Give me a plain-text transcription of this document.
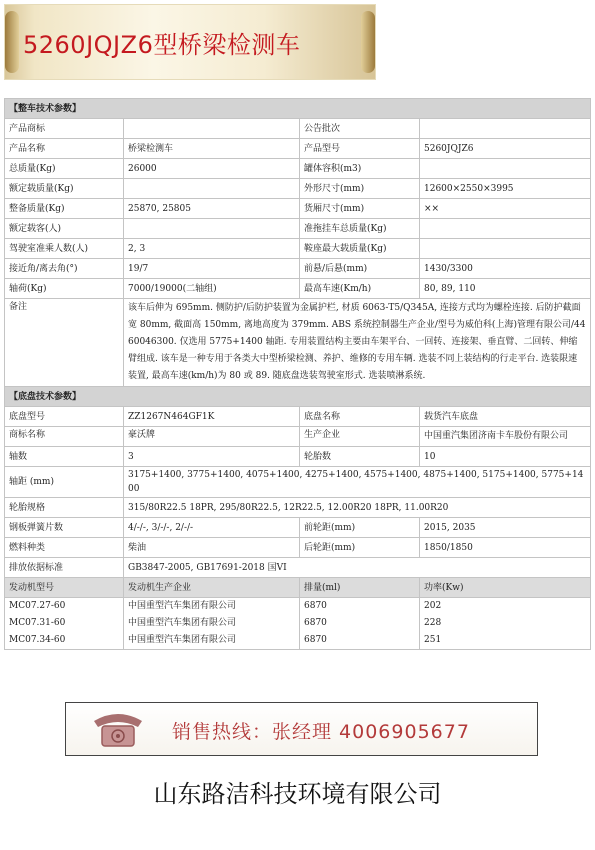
5260JQJZ6型桥梁检测车
【整车技术参数】			
产品商标		公告批次	
产品名称	桥梁检测车	产品型号	5260JQJZ6
总质量(Kg)	26000	罐体容积(m3)	
额定载质量(Kg)		外形尺寸(mm)	12600×2550×3995
整备质量(Kg)	25870, 25805	货厢尺寸(mm)	××
额定载客(人)		准拖挂车总质量(Kg)	
驾驶室准乘人数(人)	2, 3	鞍座最大载质量(Kg)	
接近角/离去角(°)	19/7	前悬/后悬(mm)	1430/3300
轴荷(Kg)	7000/19000(二轴组)	最高车速(Km/h)	80, 89, 110
备注	该车后伸为 695mm. 侧防护/后防护装置为金属护栏, 材质 6063-T5/Q345A, 连接方式均为螺栓连接. 后防护截面宽 80mm, 截面高 150mm, 离地高度为 379mm. ABS 系统控制器生产企业/型号为威伯科(上海)管理有限公司/4460046300. 仅选用 5775+1400 轴距. 专用装置结构主要由车架平台、一回转、连接架、垂直臂、二回转、伸缩臂组成. 该车是一种专用于各类大中型桥梁检测、养护、维修的专用车辆. 选装不同上装结构的行走平台. 选装限速装置, 最高车速(km/h)为 80 或 89. 随底盘选装驾驶室形式. 选装喷淋系统.		
【底盘技术参数】			
底盘型号	ZZ1267N464GF1K	底盘名称	载货汽车底盘
商标名称	豪沃牌	生产企业	中国重汽集团济南卡车股份有限公司
轴数	3	轮胎数	10
轴距 (mm)	3175+1400, 3775+1400, 4075+1400, 4275+1400, 4575+1400, 4875+1400, 5175+1400, 5775+1400		
轮胎规格	315/80R22.5 18PR, 295/80R22.5, 12R22.5, 12.00R20 18PR, 11.00R20		
钢板弹簧片数	4/-/-, 3/-/-, 2/-/-	前轮距(mm)	2015, 2035
燃料种类	柴油	后轮距(mm)	1850/1850
排放依据标准	GB3847-2005, GB17691-2018 国VI		
发动机型号	发动机生产企业	排量(ml)	功率(Kw)
MC07.27-60	中国重型汽车集团有限公司	6870	202
MC07.31-60	中国重型汽车集团有限公司	6870	228
MC07.34-60	中国重型汽车集团有限公司	6870	251
销售热线：张经理 4006905677
山东路洁科技环境有限公司
